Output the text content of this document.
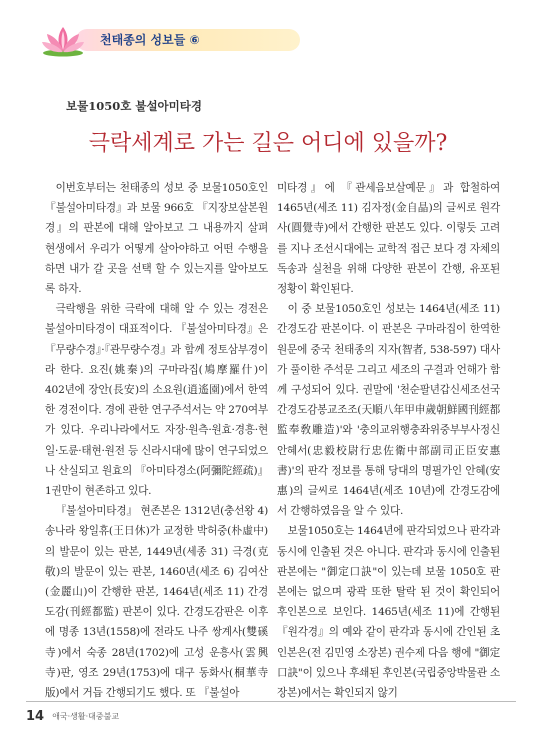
천태종의 성보들 ⑥
보물1050호 불설아미타경
극락세계로 가는 길은 어디에 있을까?

이번호부터는 천태종의 성보 중 보물1050호인 『불설아미타경』과 보물 966호 『지장보살본원경』의 판본에 대해 알아보고 그 내용까지 살펴 현생에서 우리가 어떻게 살아야하고 어떤 수행을 하면 내가 갈 곳을 선택 할 수 있는지를 알아보도록 하자.

극락행을 위한 극락에 대해 알 수 있는 경전은 불설아미타경이 대표적이다. 『불설아미타경』은 『무량수경』·『관무량수경』과 함께 정토삼부경이라 한다. 요진(姚秦)의 구마라집(鳩摩羅什)이 402년에 장안(長安)의 소요원(逍遙園)에서 한역한 경전이다. 경에 관한 연구주석서는 약 270여부가 있다. 우리나라에서도 자장·원측·원효·경흥·현일·도륜·태현·원전 등 신라시대에 많이 연구되었으나 산실되고 원효의 『아미타경소(阿彌陀經疏)』1권만이 현존하고 있다.

『불설아미타경』 현존본은 1312년(충선왕 4) 송나라 왕일휴(王日休)가 교정한 박허중(朴虛中)의 발문이 있는 판본, 1449년(세종 31) 극경(克敬)의 발문이 있는 판본, 1460년(세조 6) 김여산(金麗山)이 간행한 판본, 1464년(세조 11) 간경도감(刊經都監) 판본이 있다. 간경도감판은 이후에 명종 13년(1558)에 전라도 나주 쌍계사(雙磎寺)에서 숙종 28년(1702)에 고성 운흥사(雲興寺)판, 영조 29년(1753)에 대구 동화사(桐華寺版)에서 거듭 간행되기도 했다. 또 『불설아

미타경』에 『관세음보살예문』과 합철하여 1465년(세조 11) 김자정(金自晶)의 글씨로 원각사(圓覺寺)에서 간행한 판본도 있다. 이렇듯 고려를 지나 조선시대에는 교학적 접근 보다 경 자체의 독송과 실천을 위해 다양한 판본이 간행, 유포된 정황이 확인된다.

이 중 보물1050호인 성보는 1464년(세조 11) 간경도감 판본이다. 이 판본은 구마라집이 한역한 원문에 중국 천태종의 지자(智者, 538-597) 대사가 풀이한 주석문 그리고 세조의 구결과 언해가 함께 구성되어 있다. 권말에 '천순팔년갑신세조선국간경도감봉교조조(天順八年甲申歲朝鮮國刊經都監奉敎雕造)'와 '충의교위행충좌위중부부사정신안혜서(忠毅校尉行忠佐衛中部副司正臣安惠書)'의 판각 정보를 통해 당대의 명필가인 안혜(安惠)의 글씨로 1464년(세조 10년)에 간경도감에서 간행하였음을 알 수 있다.

보물1050호는 1464년에 판각되었으나 판각과 동시에 인출된 것은 아니다. 판각과 동시에 인출된 판본에는 "御定口訣"이 있는데 보물 1050호 판본에는 없으며 광곽 또한 탈락 된 것이 확인되어 후인본으로 보인다. 1465년(세조 11)에 간행된 『원각경』의 예와 같이 판각과 동시에 간인된 초인본은(전 김민영 소장본) 권수제 다음 행에 "御定口訣"이 있으나 후쇄된 후인본(국립중앙박물관 소장본)에서는 확인되지 않기

14 애국·생활·대중불교
